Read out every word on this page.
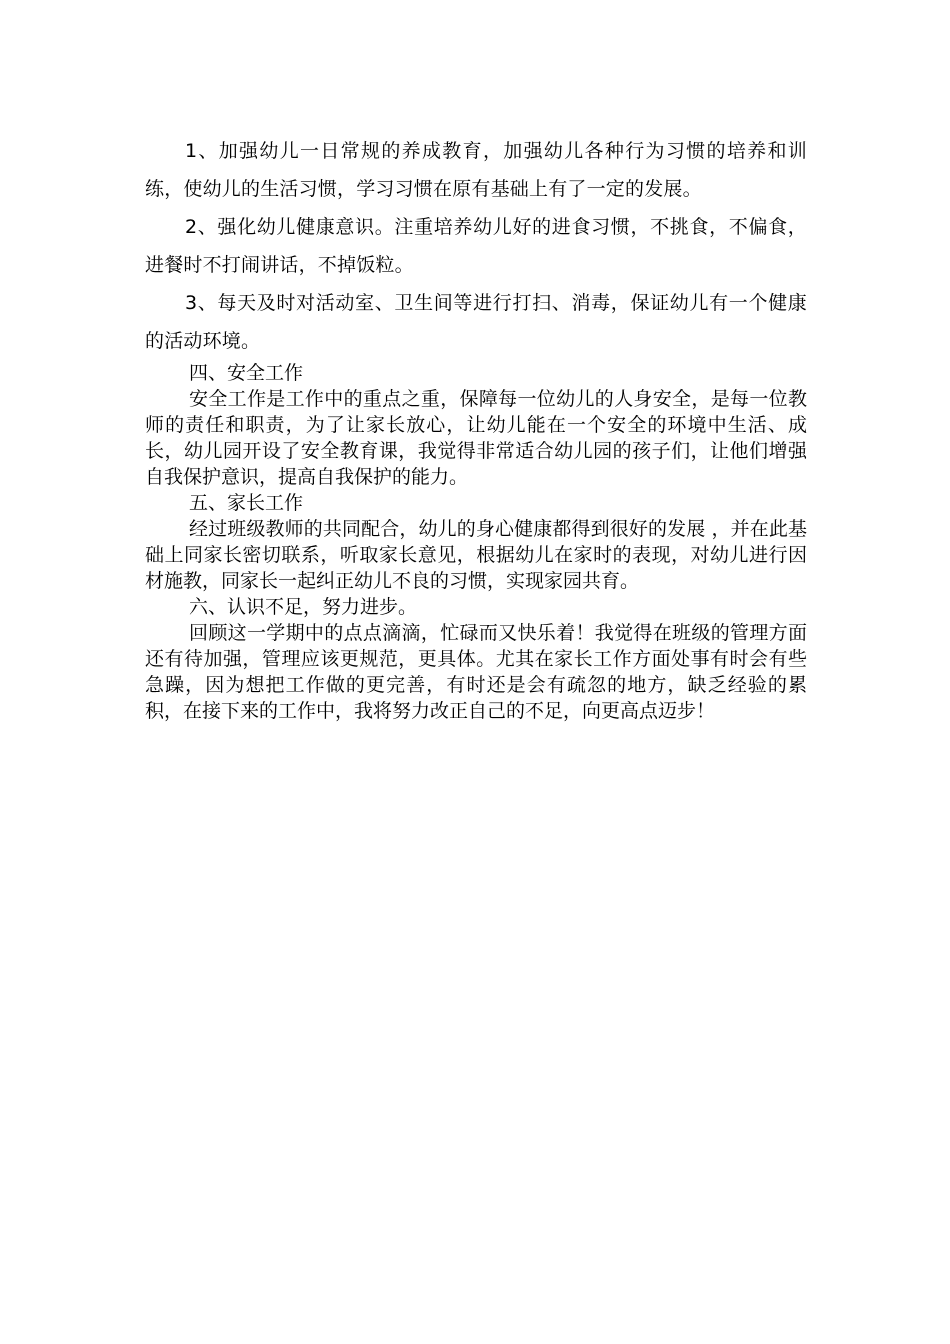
1、加强幼儿一日常规的养成教育，加强幼儿各种行为习惯的培养和训练，使幼儿的生活习惯，学习习惯在原有基础上有了一定的发展。

2、强化幼儿健康意识。注重培养幼儿好的进食习惯，不挑食，不偏食，进餐时不打闹讲话，不掉饭粒。

3、每天及时对活动室、卫生间等进行打扫、消毒，保证幼儿有一个健康的活动环境。

四、安全工作

安全工作是工作中的重点之重，保障每一位幼儿的人身安全，是每一位教师的责任和职责，为了让家长放心，让幼儿能在一个安全的环境中生活、成长，幼儿园开设了安全教育课，我觉得非常适合幼儿园的孩子们，让他们增强自我保护意识，提高自我保护的能力。

五、家长工作

经过班级教师的共同配合，幼儿的身心健康都得到很好的发展 ，并在此基础上同家长密切联系，听取家长意见，根据幼儿在家时的表现，对幼儿进行因材施教，同家长一起纠正幼儿不良的习惯，实现家园共育。

六、认识不足，努力进步。

回顾这一学期中的点点滴滴，忙碌而又快乐着！我觉得在班级的管理方面还有待加强，管理应该更规范，更具体。尤其在家长工作方面处事有时会有些急躁，因为想把工作做的更完善，有时还是会有疏忽的地方，缺乏经验的累积，在接下来的工作中，我将努力改正自己的不足，向更高点迈步！
